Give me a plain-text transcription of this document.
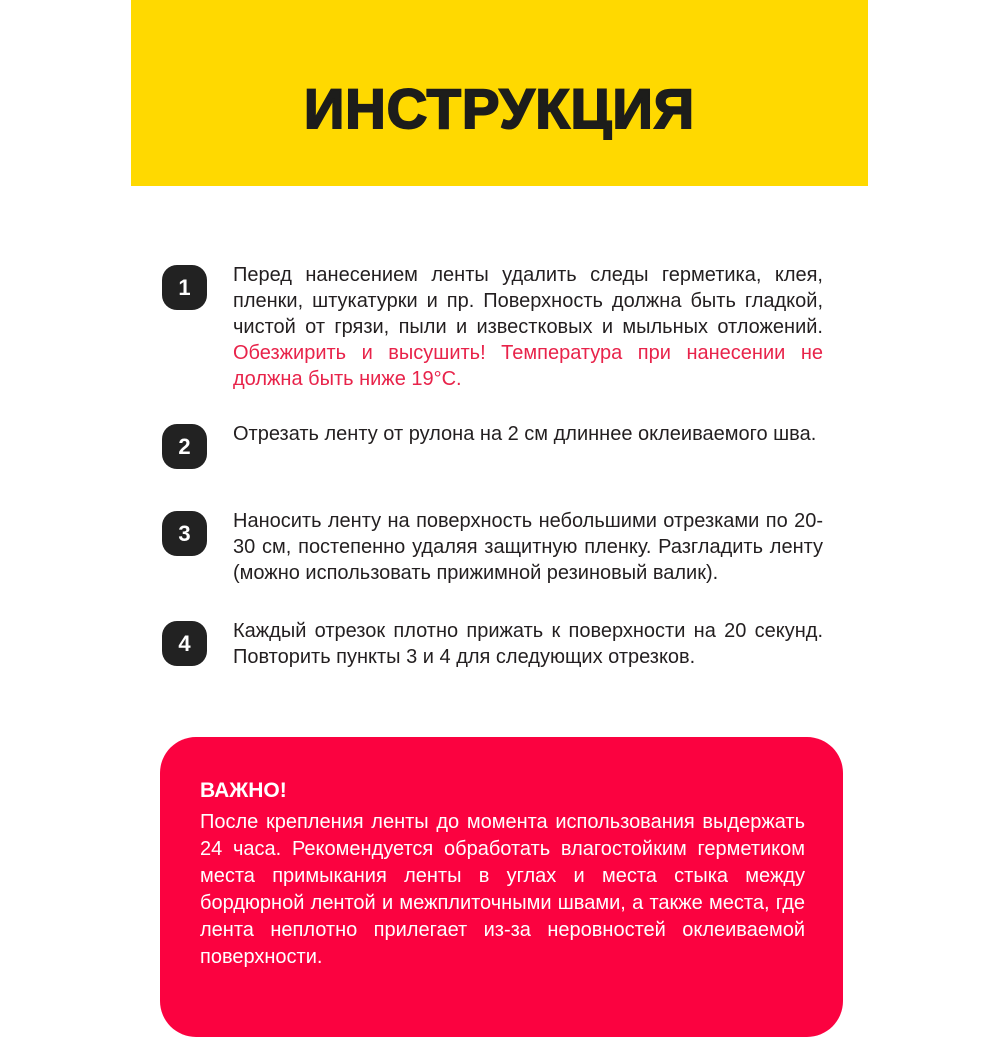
ИНСТРУКЦИЯ
1	Перед нанесением ленты удалить следы герметика, клея, пленки, штукатурки и пр. Поверхность должна быть гладкой, чистой от грязи, пыли и известковых и мыльных отложений. Обезжирить и высушить! Температура при нанесении не должна быть ниже 19°С.
2	Отрезать ленту от рулона на 2 см длиннее оклеиваемого шва.
3	Наносить ленту на поверхность небольшими отрезками по 20-30 см, постепенно удаляя защитную пленку. Разгладить ленту (можно использовать прижимной резиновый валик).
4	Каждый отрезок плотно прижать к поверхности на 20 секунд. Повторить пункты 3 и 4 для следующих отрезков.
ВАЖНО!
После крепления ленты до момента использования выдержать 24 часа. Рекомендуется обработать влагостойким герметиком места примыкания ленты в углах и места стыка между бордюрной лентой и межплиточными швами, а также места, где лента неплотно прилегает из-за неровностей оклеиваемой поверхности.
